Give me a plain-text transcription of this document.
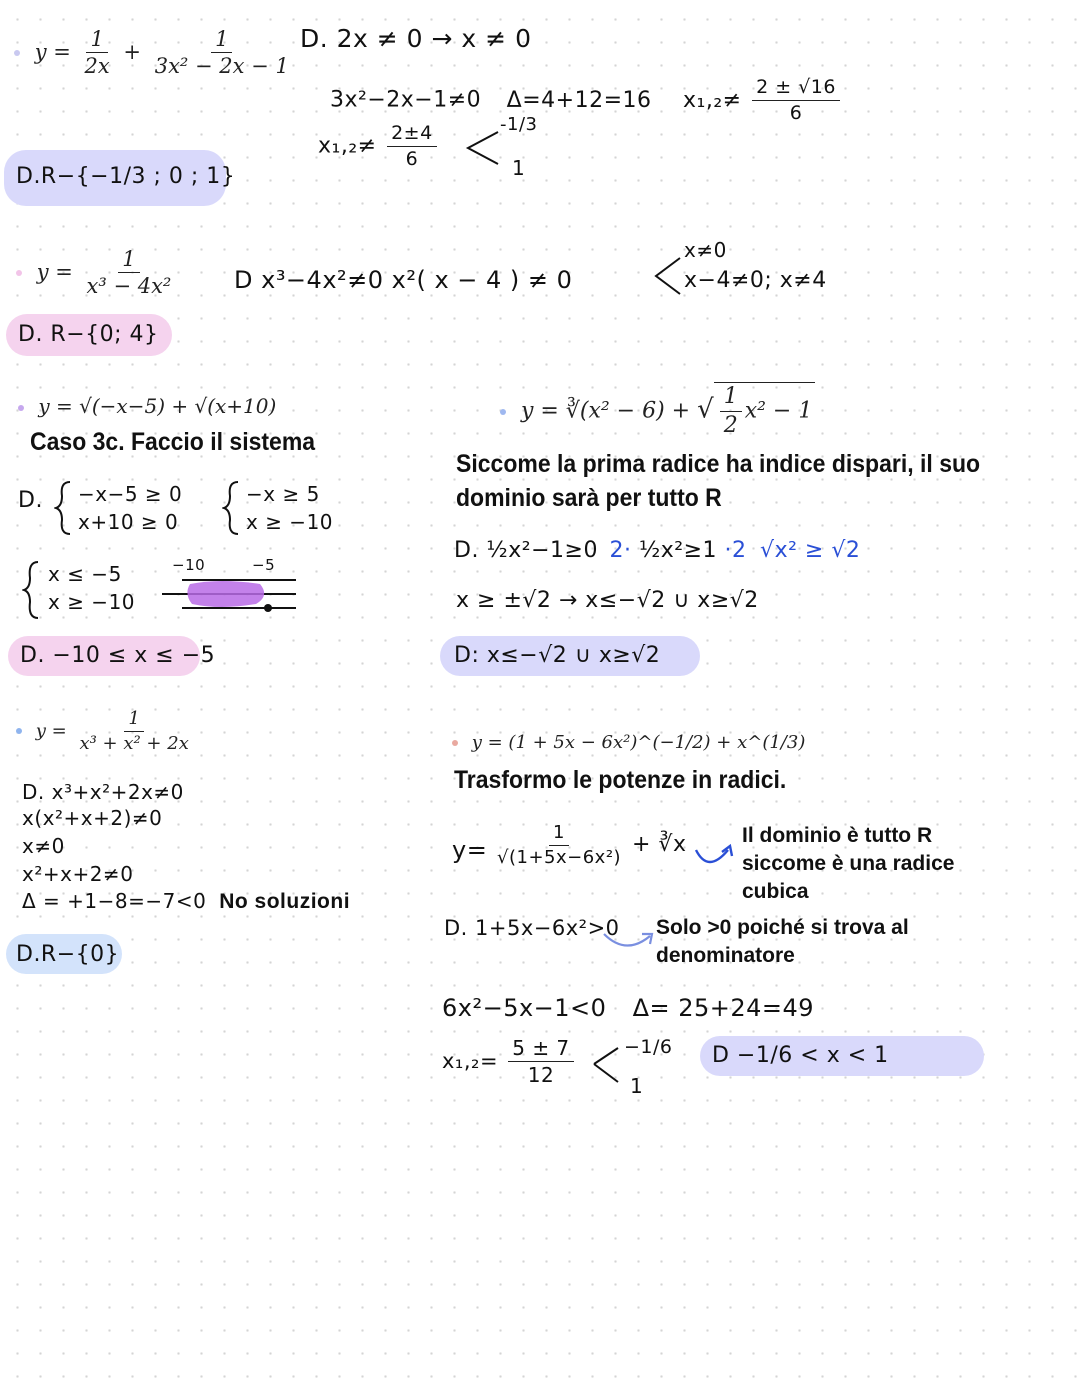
$y = \frac{1}{2x} + \frac{1}{\text{3x² − 2x − 1}} D$. 2x ≠ 0 → x ≠ 0
3x²−2x−1≠0 Δ=4+12=16 $x_1,_2\ne \frac{2 \pm √16}{6}$
$x_1,_2\ne \frac{2\pm 4}{6}$	-1/3
1
D.R−{−1/3 ; 0 ; 1}
$y = \frac{1}{\text{x³ − 4x²}}$ D x³−4x²≠0 x²( x − 4 ) ≠ 0
x≠0
x−4≠0; x≠4
D. R−{0; 4}
y = √(−x−5) + √(x+10)
Caso 3c. Faccio il sistema
D. −x−5 ≥ 0
x+10 ≥ 0
−x ≥ 5
x ≥ −10
x ≤ −5
x ≥ −10
−10	−5
D. −10 ≤ x ≤ −5
y = ∛(x² − 6) + √ $\frac{1}{2} x^2 - 1$
Siccome la prima radice ha indice dispari, il suo
dominio sarà per tutto R
D. ½x²−1≥0 2· ½x²≥1 ·2 √x² ≥ √2
x ≥ ±√2 → x≤−√2 ∪ x≥√2
D: x≤−√2 ∪ x≥√2
$y = \frac{1}{\text{x³ + x² + 2x}}$
D. x³+x²+2x≠0
x(x²+x+2)≠0
x≠0
x²+x+2≠0
Δ = +1−8=−7<0 No soluzioni
D.R−{0}
y = (1 + 5x − 6x²)^(−1/2) + x^(1/3)
Trasformo le potenze in radici.
$y= \frac{1}{\text{√(1+5x−6x²)}}$ + ∛x	Il dominio è tutto R
siccome è una radice
cubica
D. 1+5x−6x²>0 Solo >0 poiché si trova al
denominatore
6x²−5x−1<0 Δ= 25+24=49
$x_1,_2= \frac{5 \pm 7}{12}$	−1/6
1
D −1/6 < x < 1
